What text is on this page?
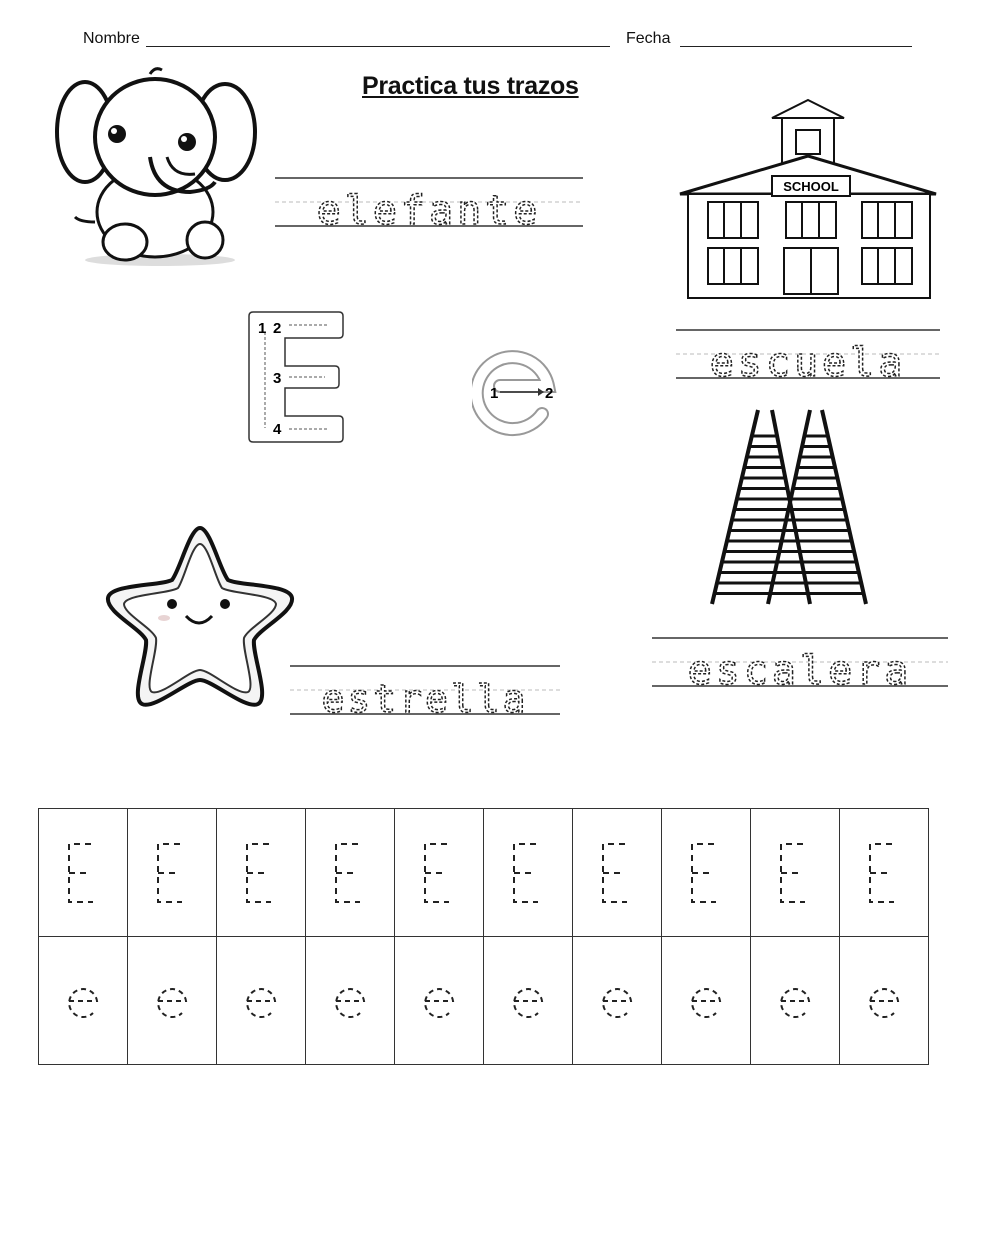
Nombre	Fecha
Practica tus trazos
SCHOOL
1 2
3
4
1	2
elefante
escuela
estrella
escalera
